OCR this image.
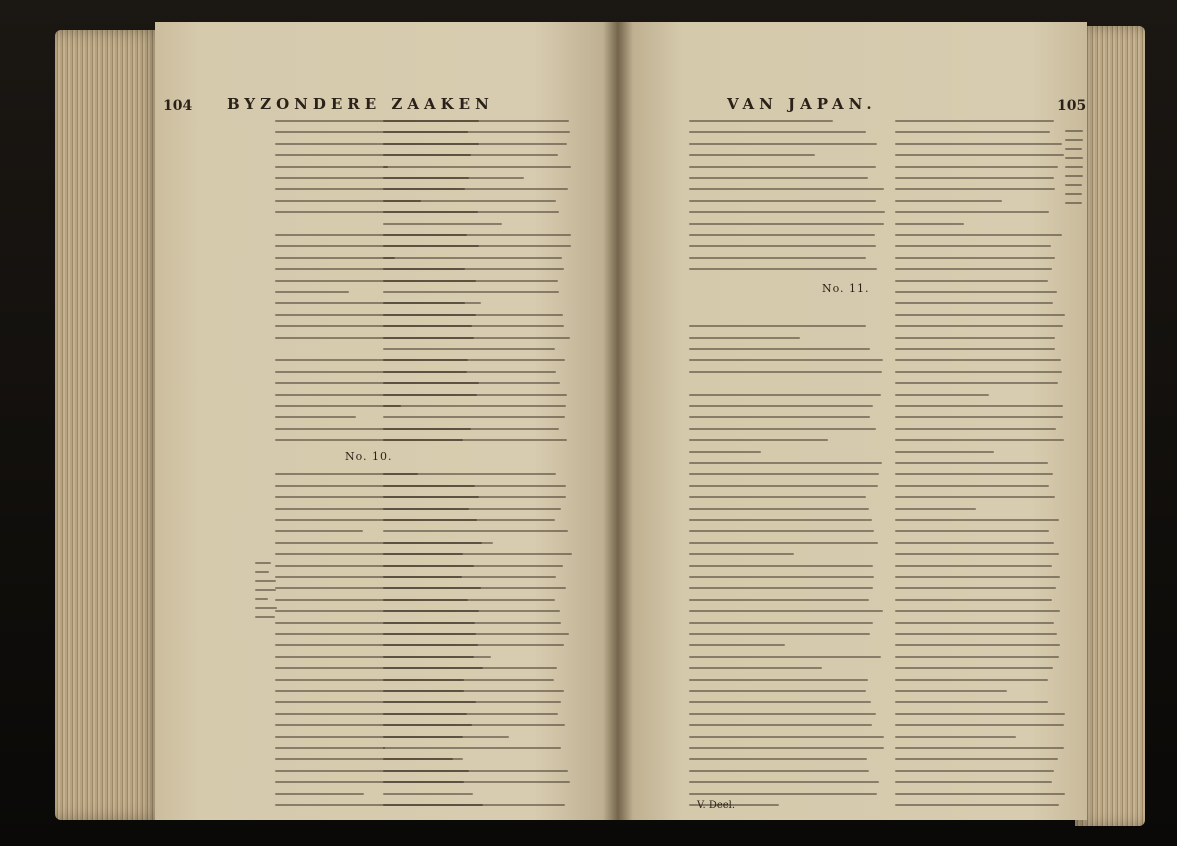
104 BYZONDERE ZAAKEN
No. 10.
VAN JAPAN.	105
No. 11.
V. Deel.
